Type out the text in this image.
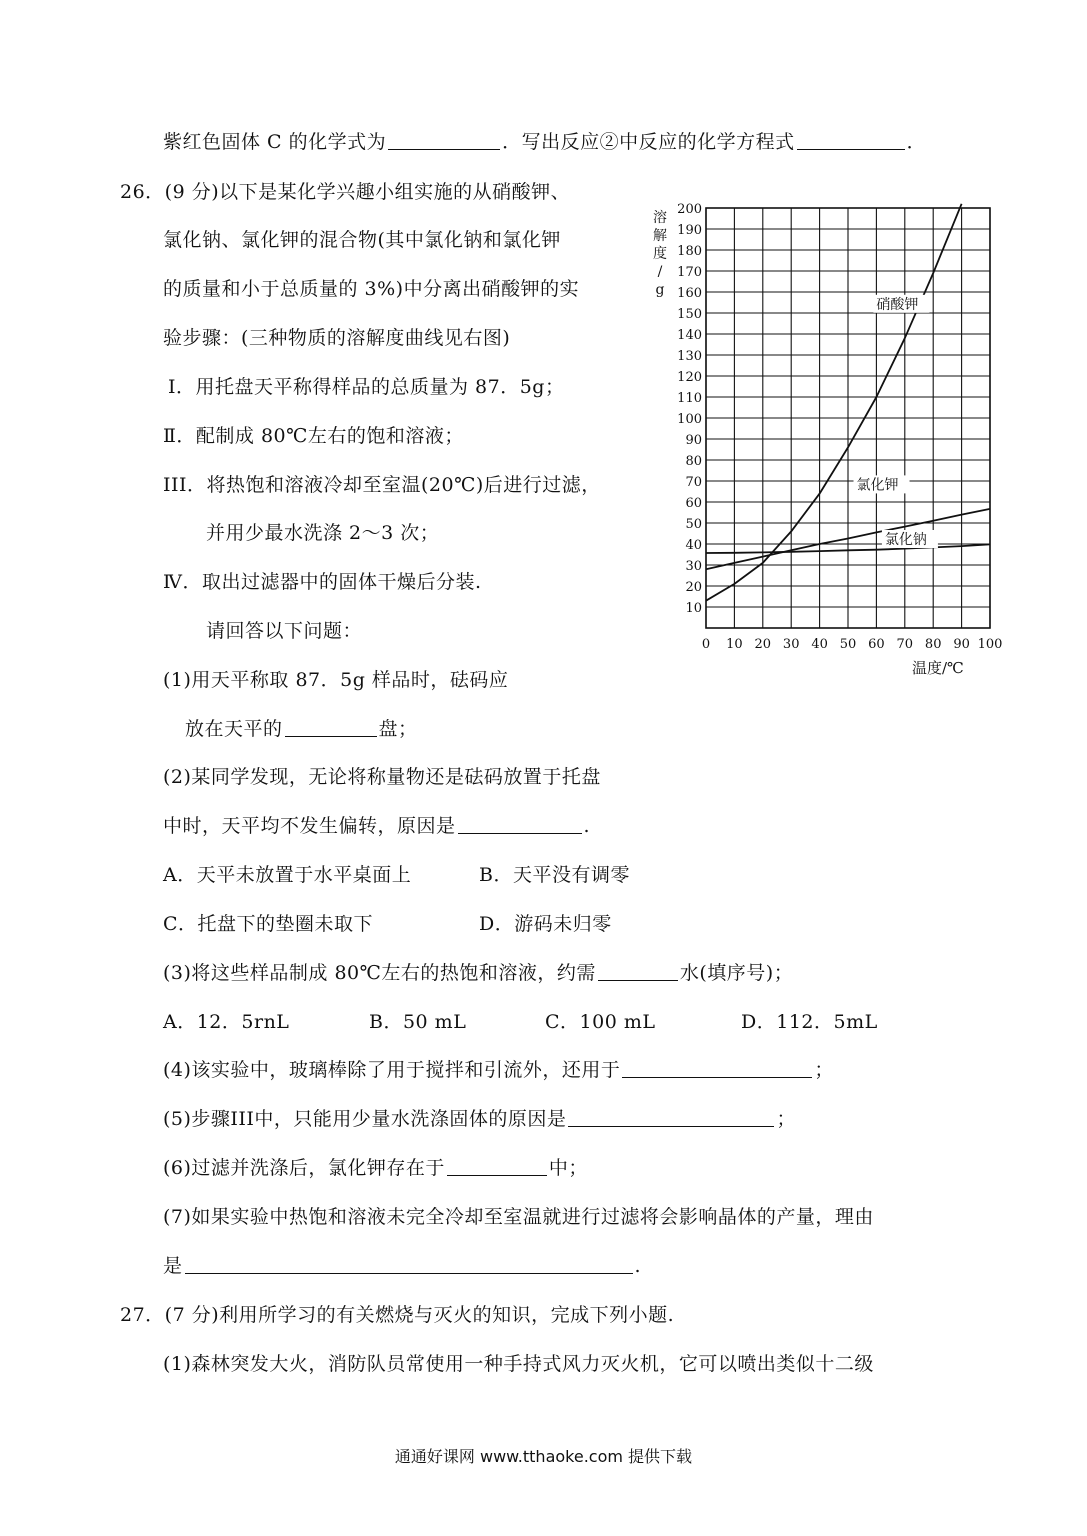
紫红色固体 C 的化学式为	．写出反应②中反应的化学方程式	．
26．(9 分)以下是某化学兴趣小组实施的从硝酸钾、
氯化钠、氯化钾的混合物(其中氯化钠和氯化钾
的质量和小于总质量的 3%)中分离出硝酸钾的实
验步骤：(三种物质的溶解度曲线见右图)
Ⅰ．用托盘天平称得样品的总质量为 87．5g；
Ⅱ．配制成 80℃左右的饱和溶液；
III．将热饱和溶液冷却至室温(20℃)后进行过滤，
并用少最水洗涤 2～3 次；
Ⅳ．取出过滤器中的固体干燥后分装.
请回答以下问题：
(1)用天平称取 87．5g 样品时，砝码应
放在天平的	盘；
(2)某同学发现，无论将称量物还是砝码放置于托盘
中时，天平均不发生偏转，原因是	.
A．天平未放置于水平桌面上	B．天平没有调零
C．托盘下的垫圈未取下	D．游码未归零
(3)将这些样品制成 80℃左右的热饱和溶液，约需	水(填序号)；
A．12．5rnL	B．50 mL	C．100 mL	D．112．5mL
(4)该实验中，玻璃棒除了用于搅拌和引流外，还用于	；
(5)步骤III中，只能用少量水洗涤固体的原因是	；
(6)过滤并洗涤后，氯化钾存在于	中；
(7)如果实验中热饱和溶液未完全冷却至室温就进行过滤将会影响晶体的产量，理由
是	.
27．(7 分)利用所学习的有关燃烧与灭火的知识，完成下列小题.
(1)森林突发大火，消防队员常使用一种手持式风力灭火机，它可以喷出类似十二级
10
20
30
40
50
60
70
80
90
100
110
120
130
140
150
160
170
180
190
200
0 10 20 30 40 50 60 70 80 90 100
溶
解
度
/
g
温度/℃
硝酸钾
氯化钾
氯化钠
通通好课网 www.tthaoke.com 提供下载
